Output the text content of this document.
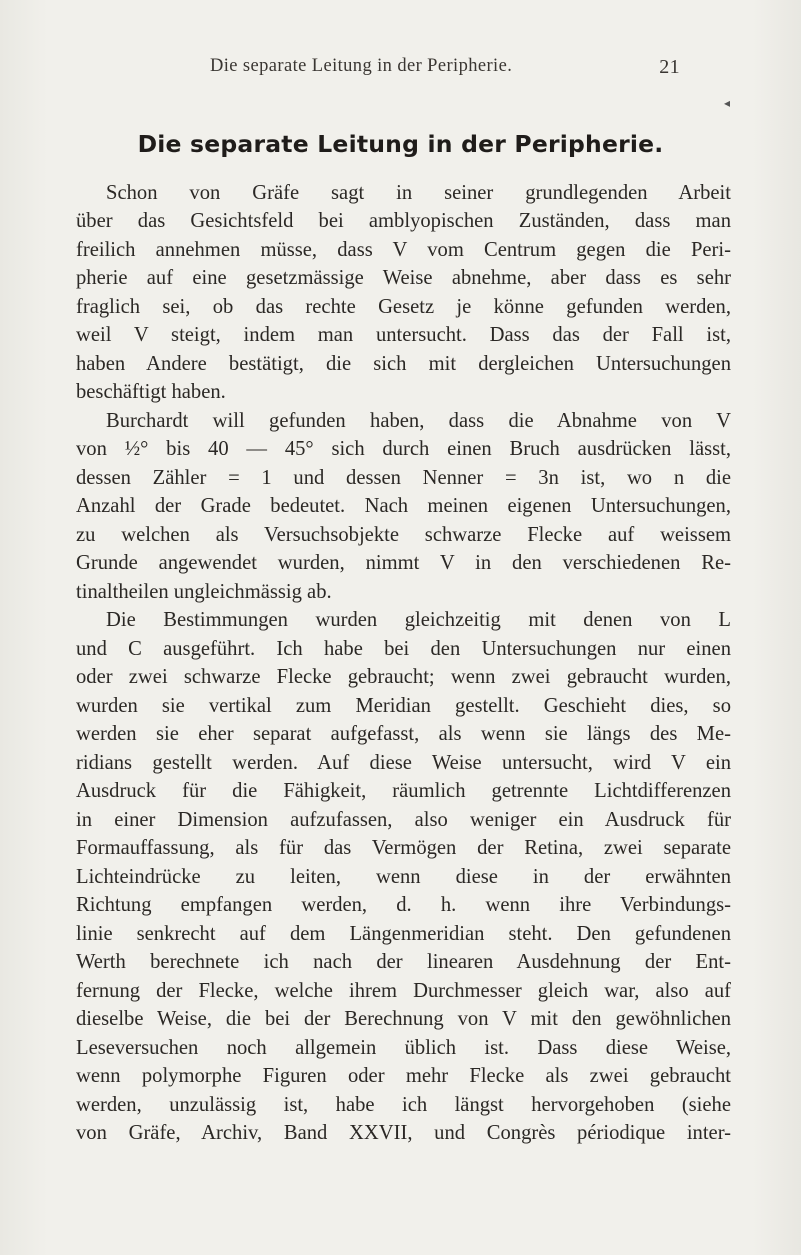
Die separate Leitung in der Peripherie.	21
◂
Die separate Leitung in der Peripherie.
Schon von Gräfe sagt in seiner grundlegenden Arbeit
über das Gesichtsfeld bei amblyopischen Zuständen, dass man
freilich annehmen müsse, dass V vom Centrum gegen die Peri-
pherie auf eine gesetzmässige Weise abnehme, aber dass es sehr
fraglich sei, ob das rechte Gesetz je könne gefunden werden,
weil V steigt, indem man untersucht. Dass das der Fall ist,
haben Andere bestätigt, die sich mit dergleichen Untersuchungen
beschäftigt haben.
Burchardt will gefunden haben, dass die Abnahme von V
von ½° bis 40 — 45° sich durch einen Bruch ausdrücken lässt,
dessen Zähler = 1 und dessen Nenner = 3n ist, wo n die
Anzahl der Grade bedeutet. Nach meinen eigenen Untersuchungen,
zu welchen als Versuchsobjekte schwarze Flecke auf weissem
Grunde angewendet wurden, nimmt V in den verschiedenen Re-
tinaltheilen ungleichmässig ab.
Die Bestimmungen wurden gleichzeitig mit denen von L
und C ausgeführt. Ich habe bei den Untersuchungen nur einen
oder zwei schwarze Flecke gebraucht; wenn zwei gebraucht wurden,
wurden sie vertikal zum Meridian gestellt. Geschieht dies, so
werden sie eher separat aufgefasst, als wenn sie längs des Me-
ridians gestellt werden. Auf diese Weise untersucht, wird V ein
Ausdruck für die Fähigkeit, räumlich getrennte Lichtdifferenzen
in einer Dimension aufzufassen, also weniger ein Ausdruck für
Formauffassung, als für das Vermögen der Retina, zwei separate
Lichteindrücke zu leiten, wenn diese in der erwähnten
Richtung empfangen werden, d. h. wenn ihre Verbindungs-
linie senkrecht auf dem Längenmeridian steht. Den gefundenen
Werth berechnete ich nach der linearen Ausdehnung der Ent-
fernung der Flecke, welche ihrem Durchmesser gleich war, also auf
dieselbe Weise, die bei der Berechnung von V mit den gewöhnlichen
Leseversuchen noch allgemein üblich ist. Dass diese Weise,
wenn polymorphe Figuren oder mehr Flecke als zwei gebraucht
werden, unzulässig ist, habe ich längst hervorgehoben (siehe
von Gräfe, Archiv, Band XXVII, und Congrès périodique inter-
